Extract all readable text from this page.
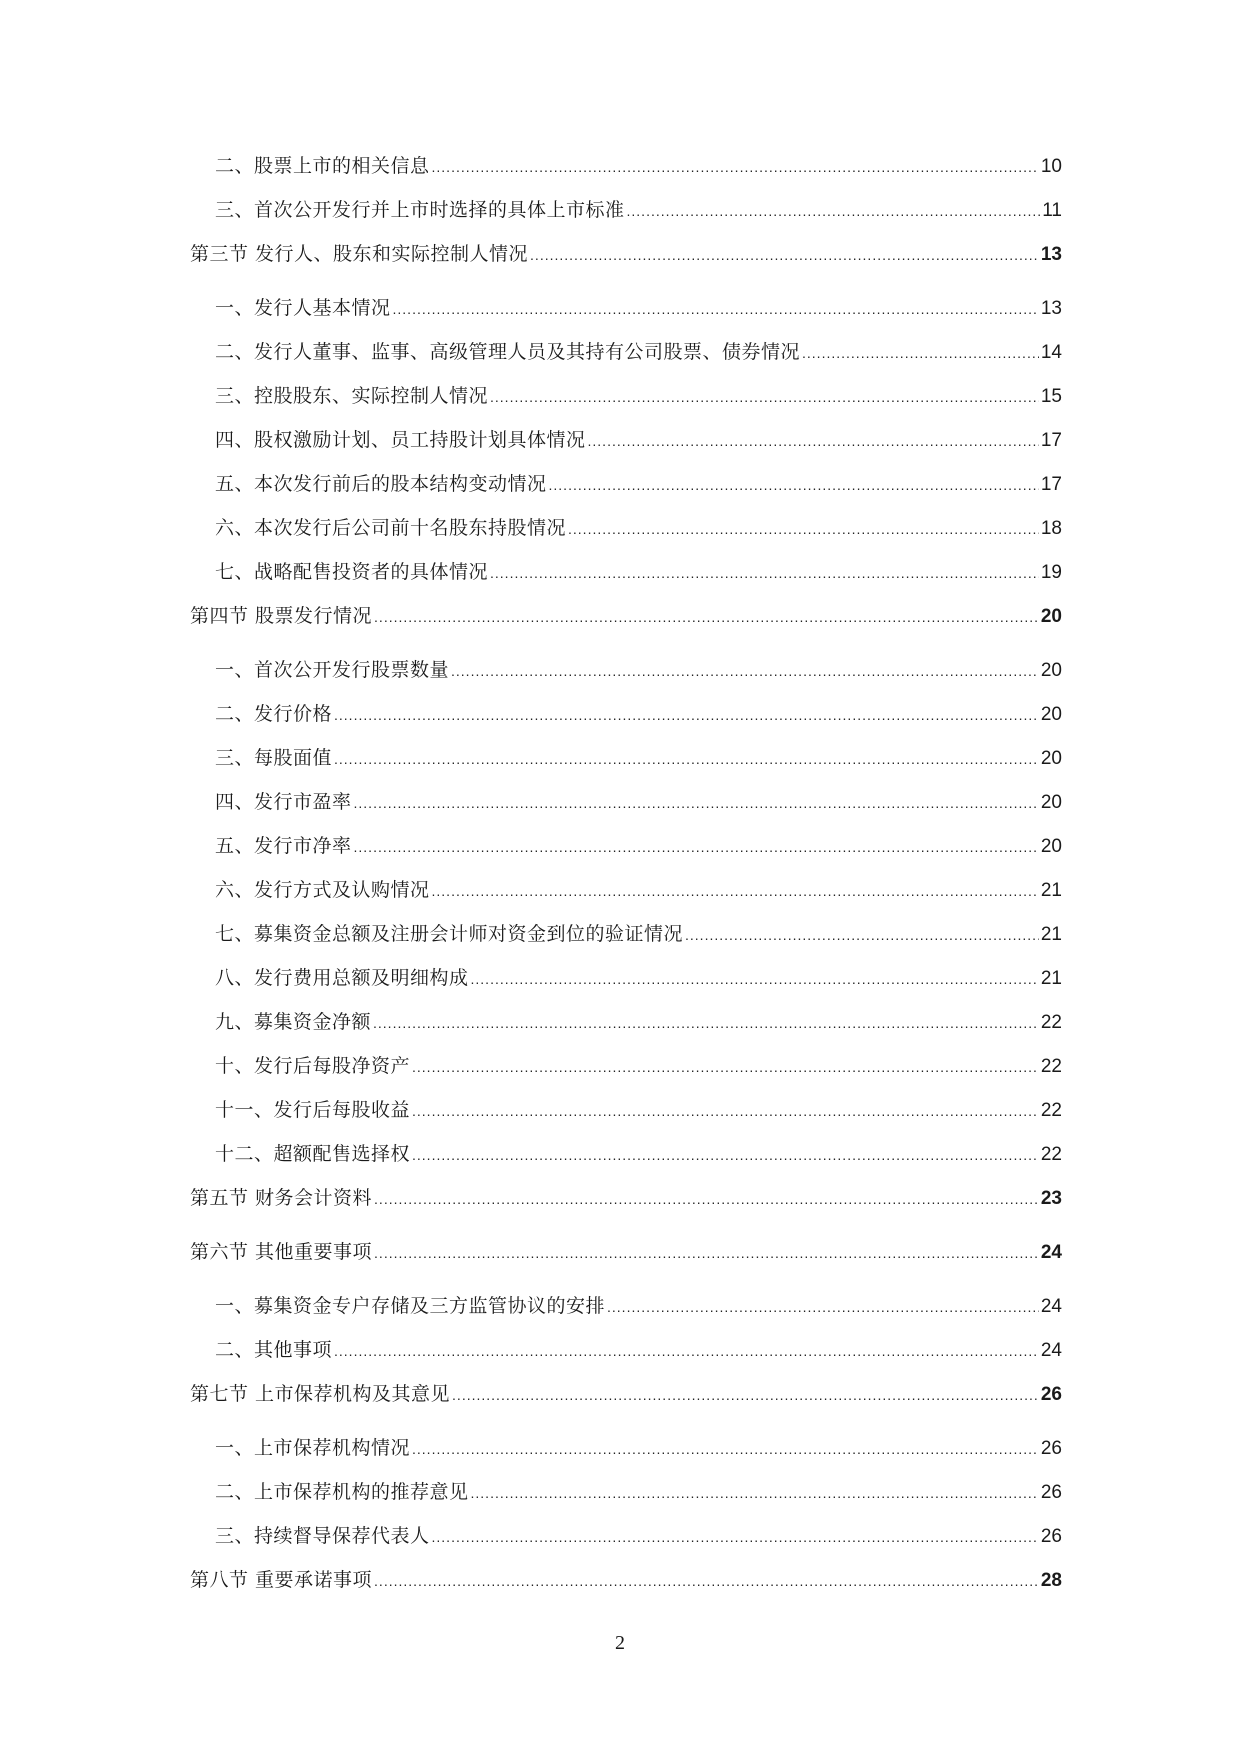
二、股票上市的相关信息 .....	10
三、首次公开发行并上市时选择的具体上市标准 .....	11
第三节 发行人、股东和实际控制人情况 .....	13
一、发行人基本情况 .....	13
二、发行人董事、监事、高级管理人员及其持有公司股票、债券情况 .....	14
三、控股股东、实际控制人情况 .....	15
四、股权激励计划、员工持股计划具体情况 .....	17
五、本次发行前后的股本结构变动情况 .....	17
六、本次发行后公司前十名股东持股情况 .....	18
七、战略配售投资者的具体情况 .....	19
第四节 股票发行情况 .....	20
一、首次公开发行股票数量 .....	20
二、发行价格 .....	20
三、每股面值 .....	20
四、发行市盈率 .....	20
五、发行市净率 .....	20
六、发行方式及认购情况 .....	21
七、募集资金总额及注册会计师对资金到位的验证情况 .....	21
八、发行费用总额及明细构成 .....	21
九、募集资金净额 .....	22
十、发行后每股净资产 .....	22
十一、发行后每股收益 .....	22
十二、超额配售选择权 .....	22
第五节 财务会计资料 .....	23
第六节 其他重要事项 .....	24
一、募集资金专户存储及三方监管协议的安排 .....	24
二、其他事项 .....	24
第七节 上市保荐机构及其意见 .....	26
一、上市保荐机构情况 .....	26
二、上市保荐机构的推荐意见 .....	26
三、持续督导保荐代表人 .....	26
第八节 重要承诺事项 .....	28
2
